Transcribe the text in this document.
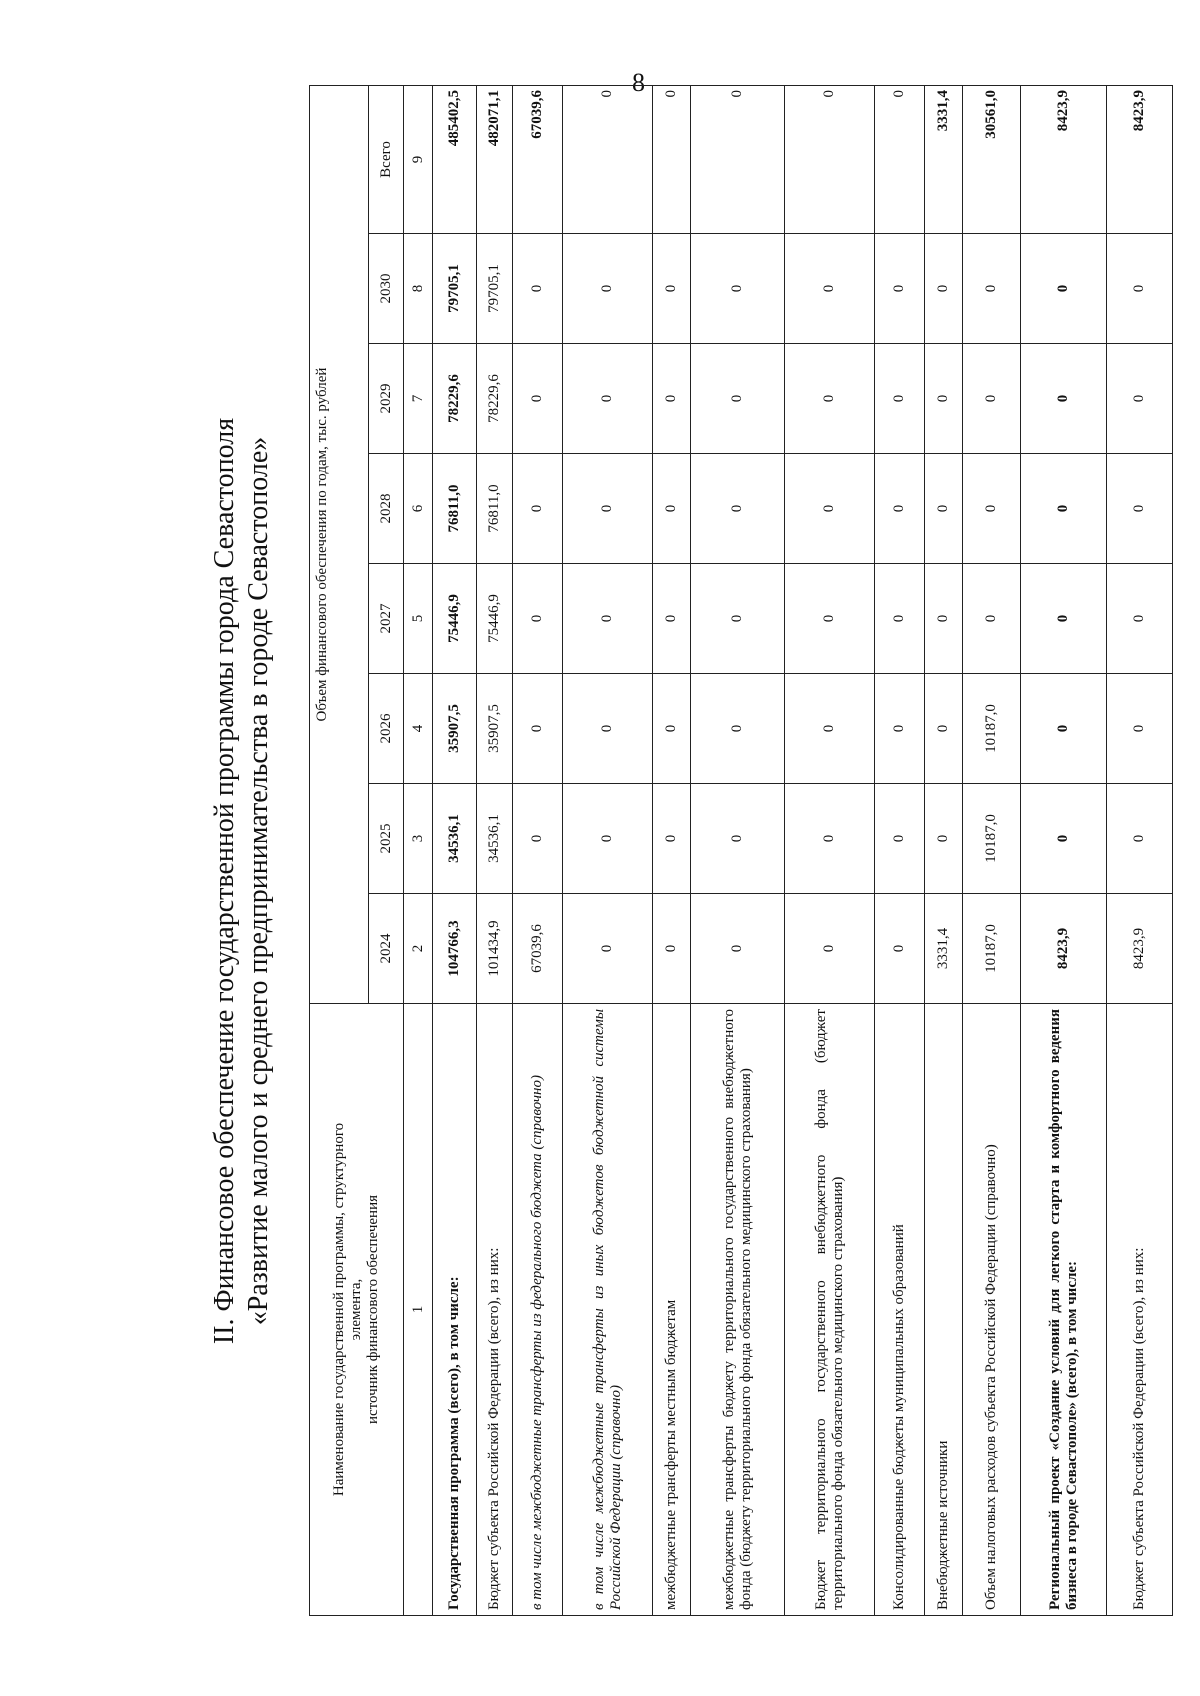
8
II. Финансовое обеспечение государственной программы города Севастополя «Развитие малого и среднего предпринимательства в городе Севастополе»	Наименование государственной программы, структурного элемента, источник финансового обеспечения	Объем финансового обеспечения по годам, тыс. рублей							

	2024	2025	2026	2027	2028	2029	2030	Всего
1	2	3	4	5	6	7	8	9
Государственная программа (всего), в том числе:	104766,3	34536,1	35907,5	75446,9	76811,0	78229,6	79705,1	485402,5
Бюджет субъекта Российской Федерации (всего), из них:	101434,9	34536,1	35907,5	75446,9	76811,0	78229,6	79705,1	482071,1
в том числе межбюджетные трансферты из федерального бюджета (справочно)	67039,6	0	0	0	0	0	0	67039,6
в том числе межбюджетные трансферты из иных бюджетов бюджетной системы Российской Федерации (справочно)	0	0	0	0	0	0	0	0
межбюджетные трансферты местным бюджетам	0	0	0	0	0	0	0	0
межбюджетные трансферты бюджету территориального государственного внебюджетного фонда (бюджету территориального фонда обязательного медицинского страхования)	0	0	0	0	0	0	0	0
Бюджет территориального государственного внебюджетного фонда (бюджет территориального фонда обязательного медицинского страхования)	0	0	0	0	0	0	0	0
Консолидированные бюджеты муниципальных образований	0	0	0	0	0	0	0	0
Внебюджетные источники	3331,4	0	0	0	0	0	0	3331,4
Объем налоговых расходов субъекта Российской Федерации (справочно)	10187,0	10187,0	10187,0	0	0	0	0	30561,0
Региональный проект «Создание условий для легкого старта и комфортного ведения бизнеса в городе Севастополе» (всего), в том числе:	8423,9	0	0	0	0	0	0	8423,9
Бюджет субъекта Российской Федерации (всего), из них:	8423,9	0	0	0	0	0	0	8423,9
